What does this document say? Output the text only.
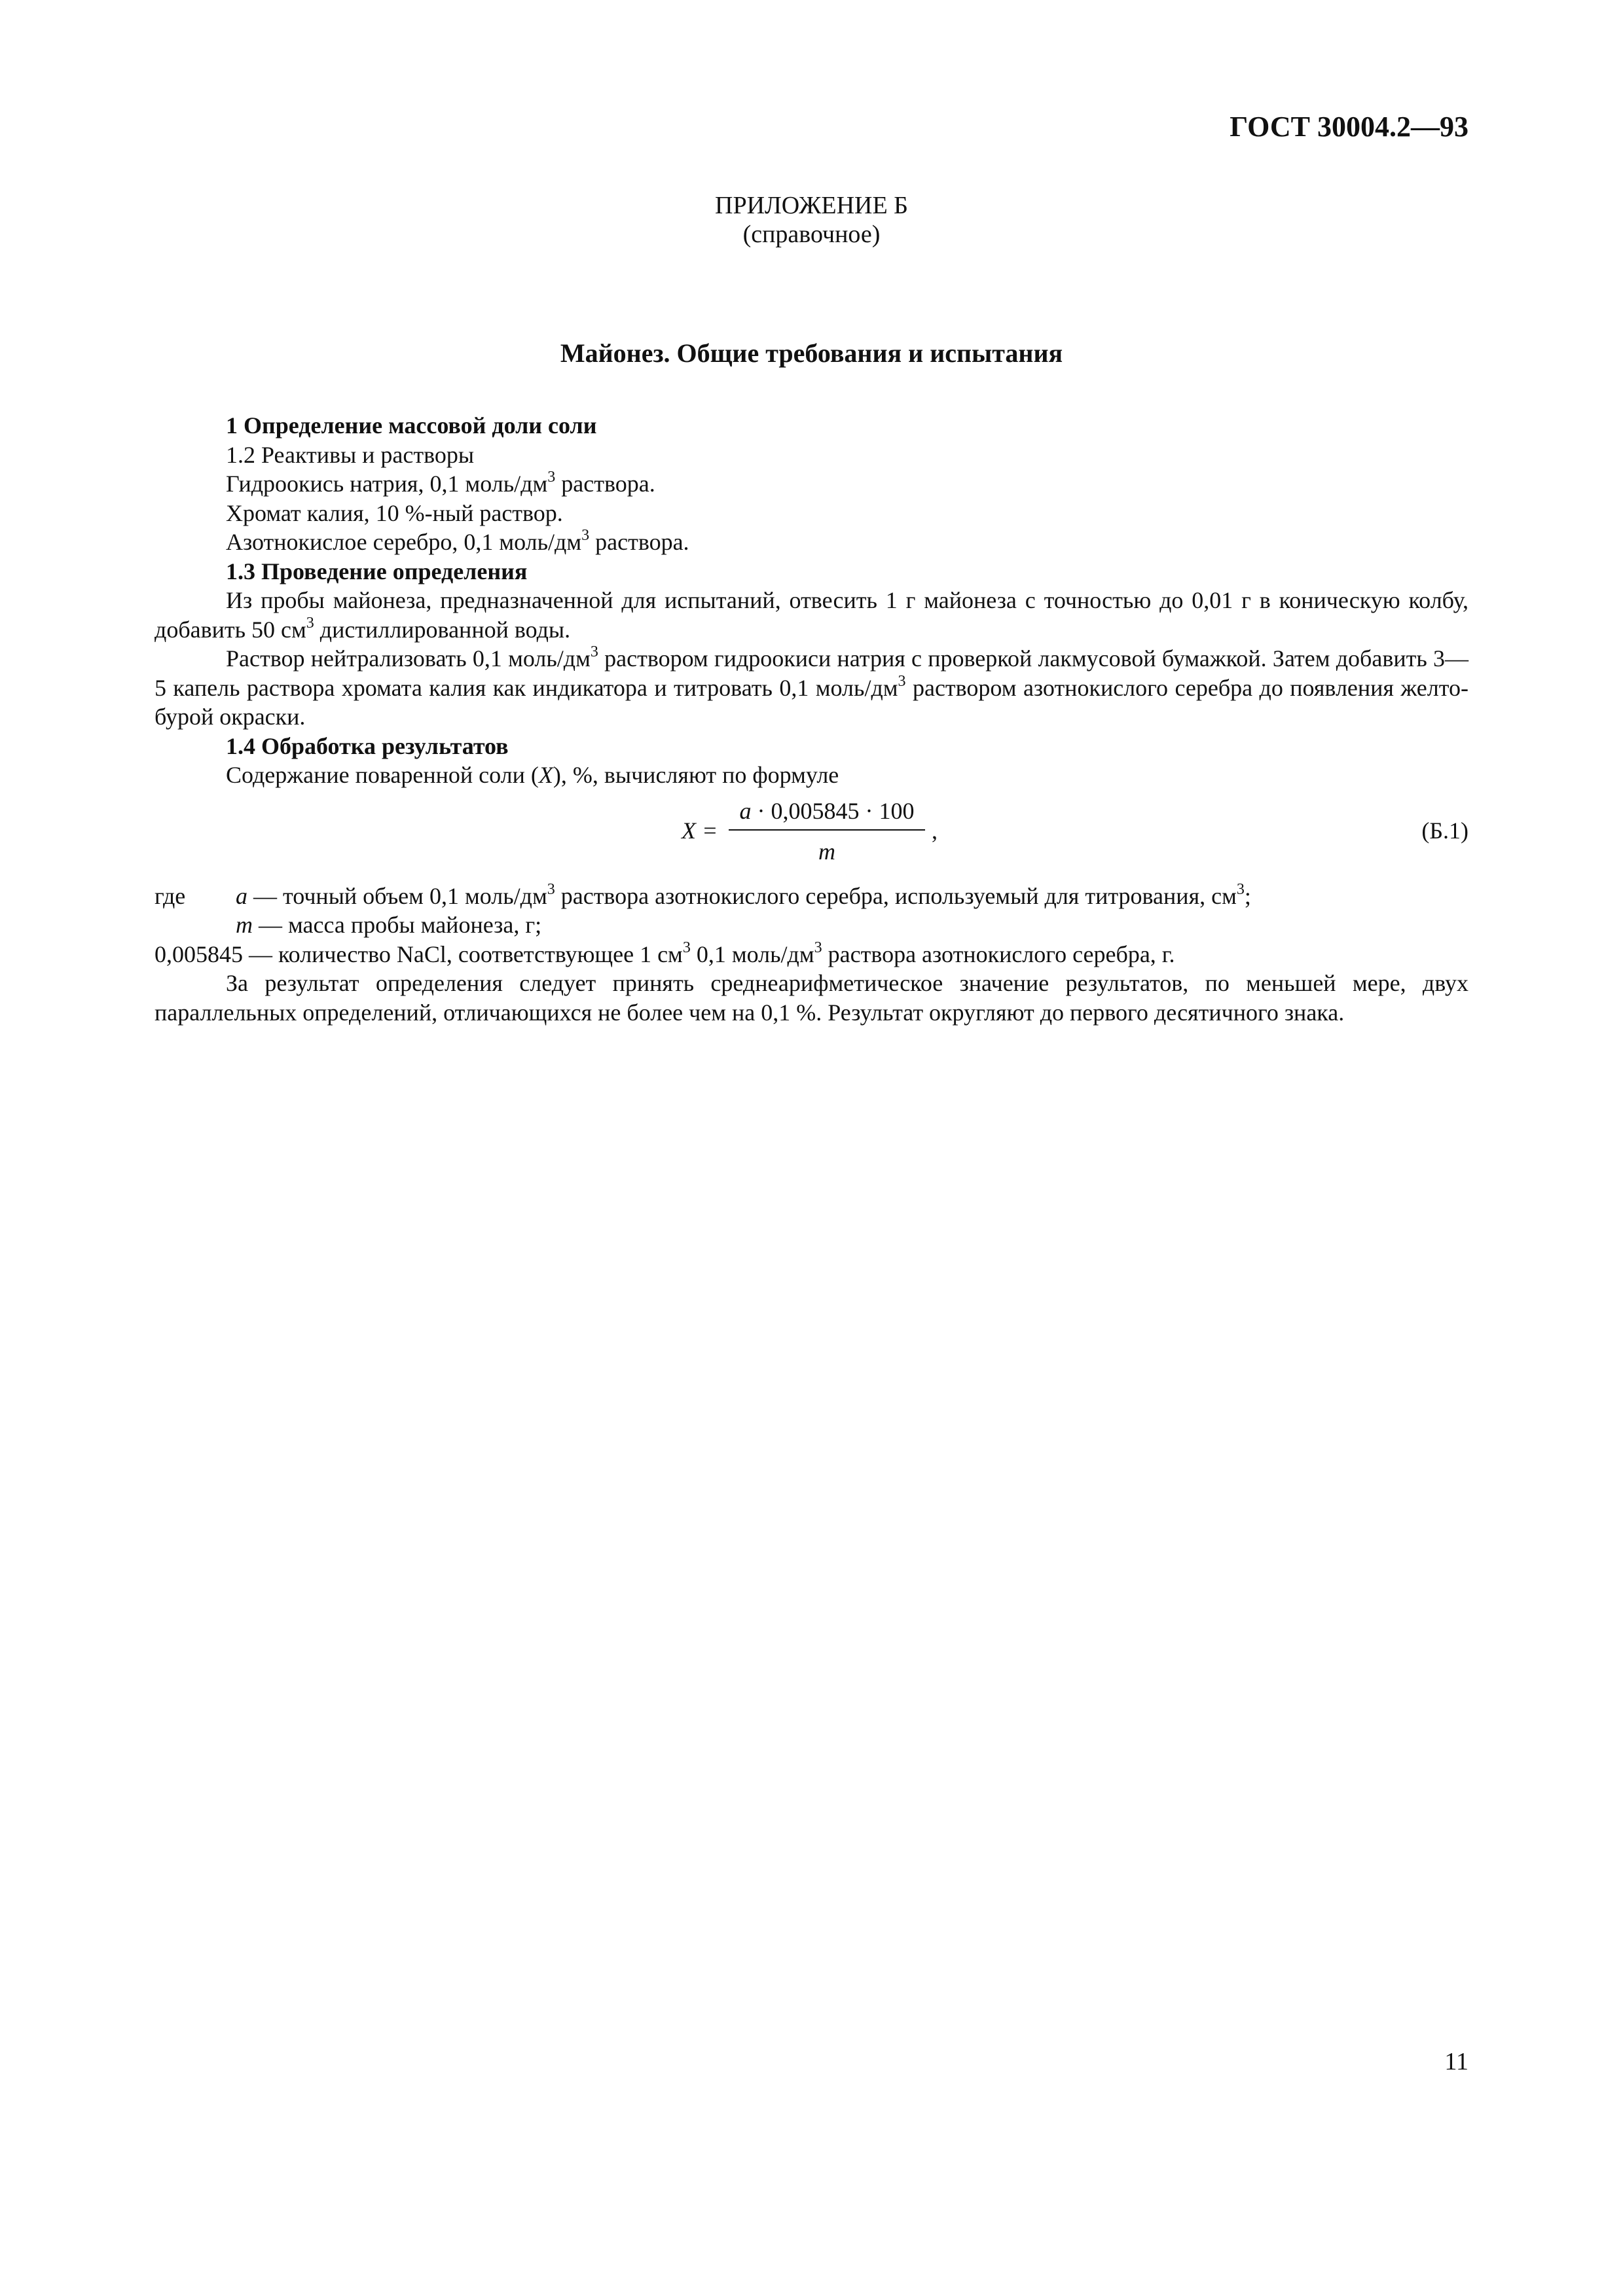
ГОСТ 30004.2—93
ПРИЛОЖЕНИЕ Б
(справочное)
Майонез. Общие требования и испытания

1 Определение массовой доли соли

1.2 Реактивы и растворы

Гидроокись натрия, 0,1 моль/$дм^3$ раствора.

Хромат калия, 10 %-ный раствор.

Азотнокислое серебро, 0,1 моль/$дм^3$ раствора.

1.3 Проведение определения

Из пробы майонеза, предназначенной для испытаний, отвесить 1 г майонеза с точностью до 0,01 г в коническую колбу, добавить 50 $см^3$ дистиллированной воды.

Раствор нейтрализовать 0,1 моль/$дм^3$ раствором гидроокиси натрия с проверкой лакмусовой бумажкой. Затем добавить 3—5 капель раствора хромата калия как индикатора и титровать 0,1 моль/$дм^3$ раствором азотнокислого серебра до появления желто-бурой окраски.

1.4 Обработка результатов

Содержание поваренной соли (X), %, вычисляют по формуле

X =
a · 0,005845 · 100
m
,	(Б.1)
где a — точный объем 0,1 моль/$дм^3$ раствора азотнокислого серебра, используемый для титрования, $см^3$;

m — масса пробы майонеза, г;

0,005845 — количество NaCl, соответствующее 1 $см^3$ 0,1 моль/$дм^3$ раствора азотнокислого серебра, г.

За результат определения следует принять среднеарифметическое значение результатов, по меньшей мере, двух параллельных определений, отличающихся не более чем на 0,1 %. Результат округляют до первого десятичного знака.

11
